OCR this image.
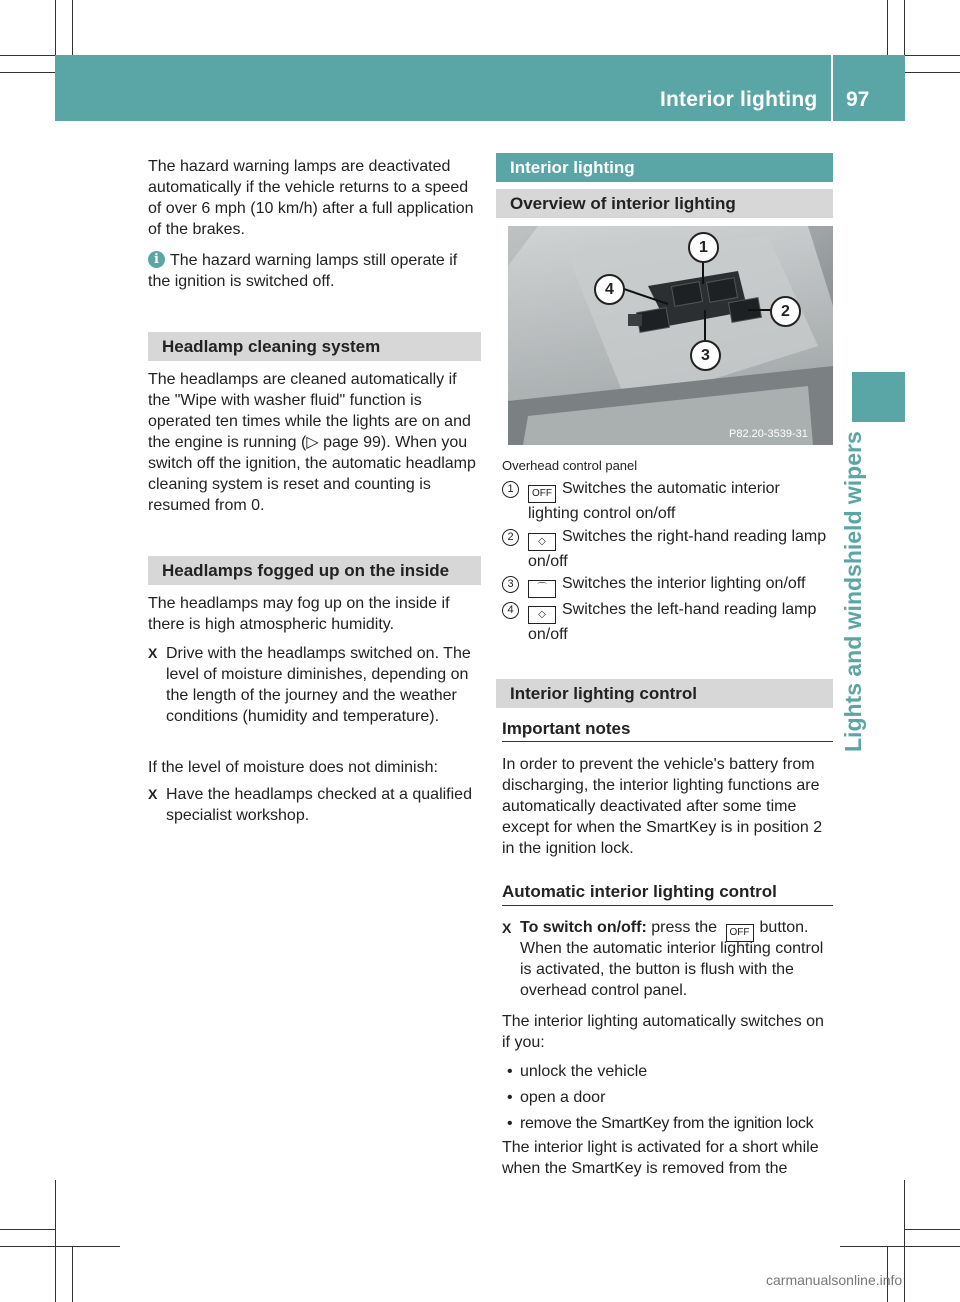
Interior lighting 97
Lights and windshield wipers

The hazard warning lamps are deactivated automatically if the vehicle returns to a speed of over 6 mph (10 km/h) after a full application of the brakes.

i The hazard warning lamps still operate if the ignition is switched off.

Headlamp cleaning system

The headlamps are cleaned automatically if the "Wipe with washer fluid" function is operated ten times while the lights are on and the engine is running (▷ page 99). When you switch off the ignition, the automatic headlamp cleaning system is reset and counting is resumed from 0.

Headlamps fogged up on the inside

The headlamps may fog up on the inside if there is high atmospheric humidity.

X Drive with the headlamps switched on. The level of moisture diminishes, depending on the length of the journey and the weather conditions (humidity and temperature).

If the level of moisture does not diminish:

X Have the headlamps checked at a qualified specialist workshop.

Interior lighting
Overview of interior lighting
1
4
2
3
P82.20-3539-31

Overhead control panel

1	OFF Switches the automatic interior lighting control on/off

2	◇ Switches the right-hand reading lamp on/off

3	⌒ Switches the interior lighting on/off

4	◇ Switches the left-hand reading lamp on/off

Interior lighting control
Important notes

In order to prevent the vehicle's battery from discharging, the interior lighting functions are automatically deactivated after some time except for when the SmartKey is in position 2 in the ignition lock.

Automatic interior lighting control
X To switch on/off: press the OFF button.

When the automatic interior lighting control is activated, the button is flush with the overhead control panel.

The interior lighting automatically switches on if you:

• unlock the vehicle
• open a door
• remove the SmartKey from the ignition lock

The interior light is activated for a short while when the SmartKey is removed from the

carmanualsonline.info
